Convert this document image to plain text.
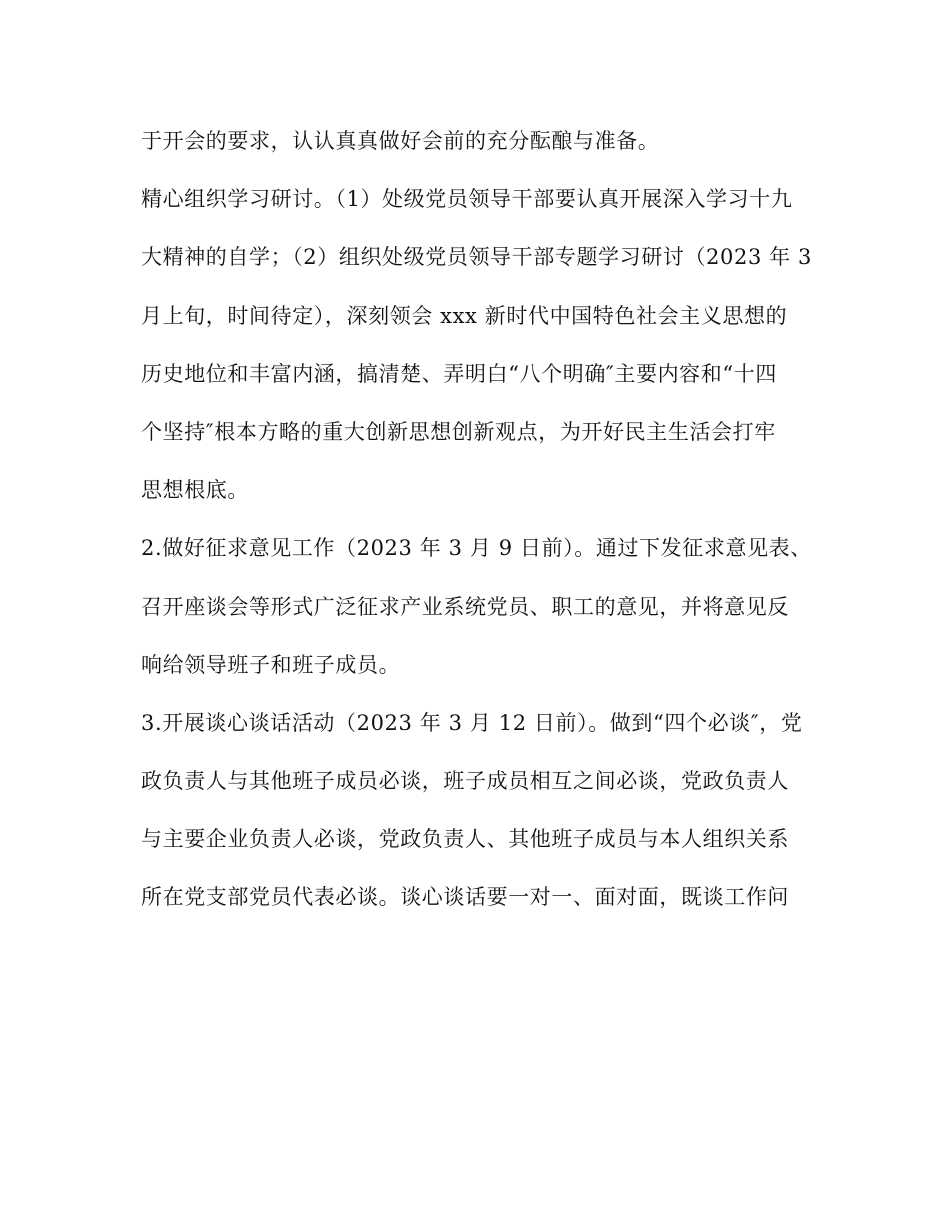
于开会的要求，认认真真做好会前的充分酝酿与准备。
精心组织学习研讨。（1）处级党员领导干部要认真开展深入学习十九
大精神的自学；（2）组织处级党员领导干部专题学习研讨（2023 年 3
月上旬，时间待定），深刻领会 xxx 新时代中国特色社会主义思想的
历史地位和丰富内涵，搞清楚、弄明白“八个明确″主要内容和“十四
个坚持″根本方略的重大创新思想创新观点，为开好民主生活会打牢
思想根底。
2.做好征求意见工作（2023 年 3 月 9 日前）。通过下发征求意见表、
召开座谈会等形式广泛征求产业系统党员、职工的意见，并将意见反
响给领导班子和班子成员。
3.开展谈心谈话活动（2023 年 3 月 12 日前）。做到“四个必谈″，党
政负责人与其他班子成员必谈，班子成员相互之间必谈，党政负责人
与主要企业负责人必谈，党政负责人、其他班子成员与本人组织关系
所在党支部党员代表必谈。谈心谈话要一对一、面对面，既谈工作问
